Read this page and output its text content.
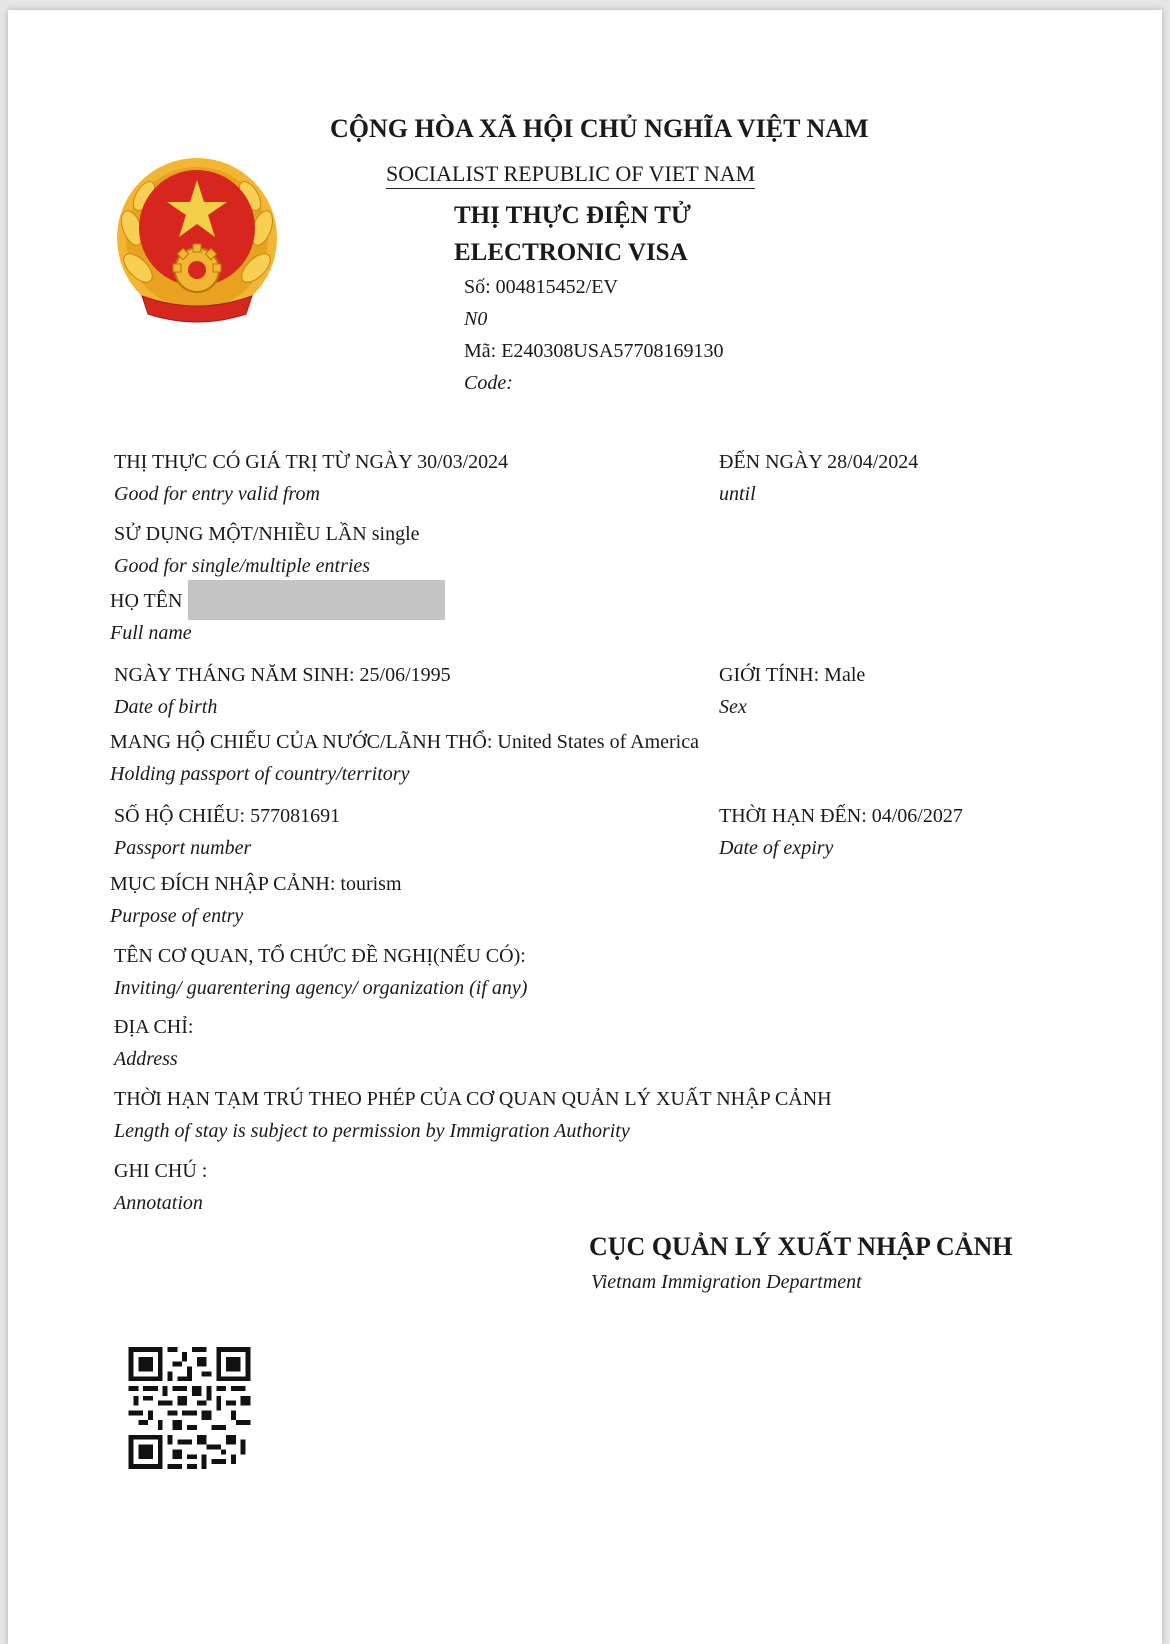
CỘNG HÒA XÃ HỘI CHỦ NGHĨA VIỆT NAM
SOCIALIST REPUBLIC OF VIET NAM
THỊ THỰC ĐIỆN TỬ
ELECTRONIC VISA
Số: 004815452/EV
N0
Mã: E240308USA57708169130
Code:
THỊ THỰC CÓ GIÁ TRỊ TỪ NGÀY 30/03/2024
Good for entry valid from
ĐẾN NGÀY 28/04/2024
until
SỬ DỤNG MỘT/NHIỀU LẦN single
Good for single/multiple entries
HỌ TÊN
Full name
NGÀY THÁNG NĂM SINH: 25/06/1995
Date of birth
GIỚI TÍNH: Male
Sex
MANG HỘ CHIẾU CỦA NƯỚC/LÃNH THỔ: United States of America
Holding passport of country/territory
SỐ HỘ CHIẾU: 577081691
Passport number
THỜI HẠN ĐẾN: 04/06/2027
Date of expiry
MỤC ĐÍCH NHẬP CẢNH: tourism
Purpose of entry
TÊN CƠ QUAN, TỔ CHỨC ĐỀ NGHỊ(NẾU CÓ):
Inviting/ guarentering agency/ organization (if any)
ĐỊA CHỈ:
Address
THỜI HẠN TẠM TRÚ THEO PHÉP CỦA CƠ QUAN QUẢN LÝ XUẤT NHẬP CẢNH
Length of stay is subject to permission by Immigration Authority
GHI CHÚ :
Annotation
CỤC QUẢN LÝ XUẤT NHẬP CẢNH
Vietnam Immigration Department
